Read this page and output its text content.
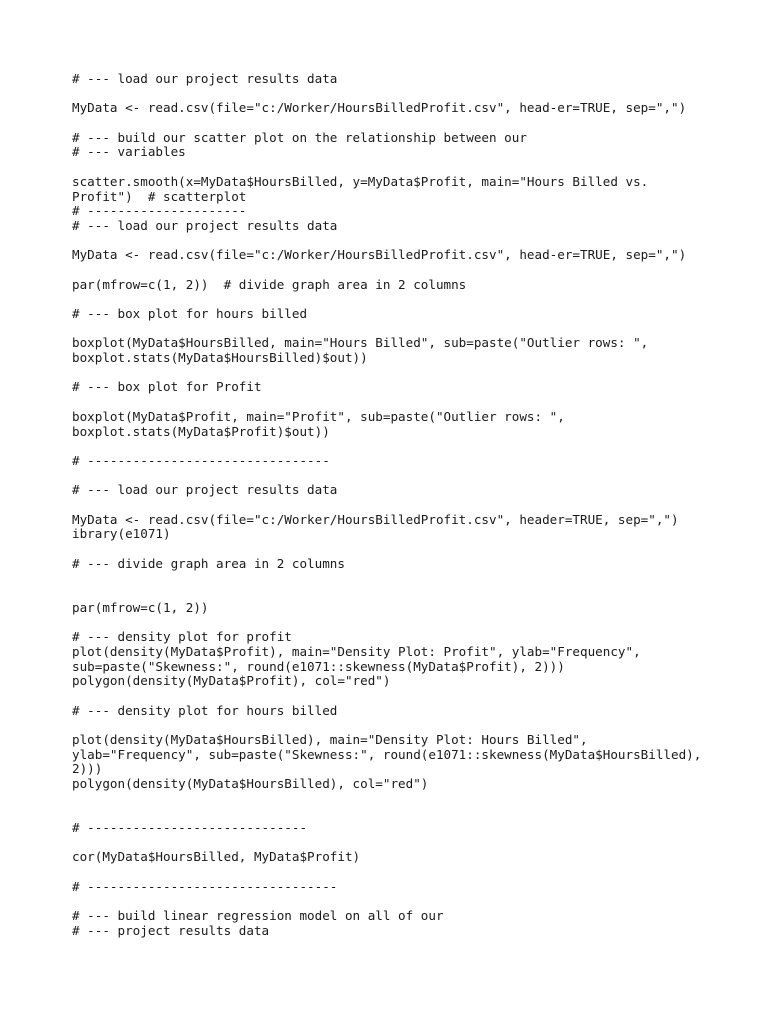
# --- load our project results data
MyData <- read.csv(file="c:/Worker/HoursBilledProfit.csv", head-er=TRUE, sep=",")
# --- build our scatter plot on the relationship between our
# --- variables
scatter.smooth(x=MyData$HoursBilled, y=MyData$Profit, main="Hours Billed vs.
Profit")  # scatterplot
# ---------------------
# --- load our project results data
MyData <- read.csv(file="c:/Worker/HoursBilledProfit.csv", head-er=TRUE, sep=",")
par(mfrow=c(1, 2))  # divide graph area in 2 columns
# --- box plot for hours billed
boxplot(MyData$HoursBilled, main="Hours Billed", sub=paste("Outlier rows: ",
boxplot.stats(MyData$HoursBilled)$out))
# --- box plot for Profit
boxplot(MyData$Profit, main="Profit", sub=paste("Outlier rows: ",
boxplot.stats(MyData$Profit)$out))
# --------------------------------
# --- load our project results data
MyData <- read.csv(file="c:/Worker/HoursBilledProfit.csv", header=TRUE, sep=",")
ibrary(e1071)
# --- divide graph area in 2 columns
par(mfrow=c(1, 2))
# --- density plot for profit
plot(density(MyData$Profit), main="Density Plot: Profit", ylab="Frequency",
sub=paste("Skewness:", round(e1071::skewness(MyData$Profit), 2)))
polygon(density(MyData$Profit), col="red")
# --- density plot for hours billed
plot(density(MyData$HoursBilled), main="Density Plot: Hours Billed",
ylab="Frequency", sub=paste("Skewness:", round(e1071::skewness(MyData$HoursBilled),
2)))
polygon(density(MyData$HoursBilled), col="red")
# -----------------------------
cor(MyData$HoursBilled, MyData$Profit)
# ---------------------------------
# --- build linear regression model on all of our
# --- project results data
